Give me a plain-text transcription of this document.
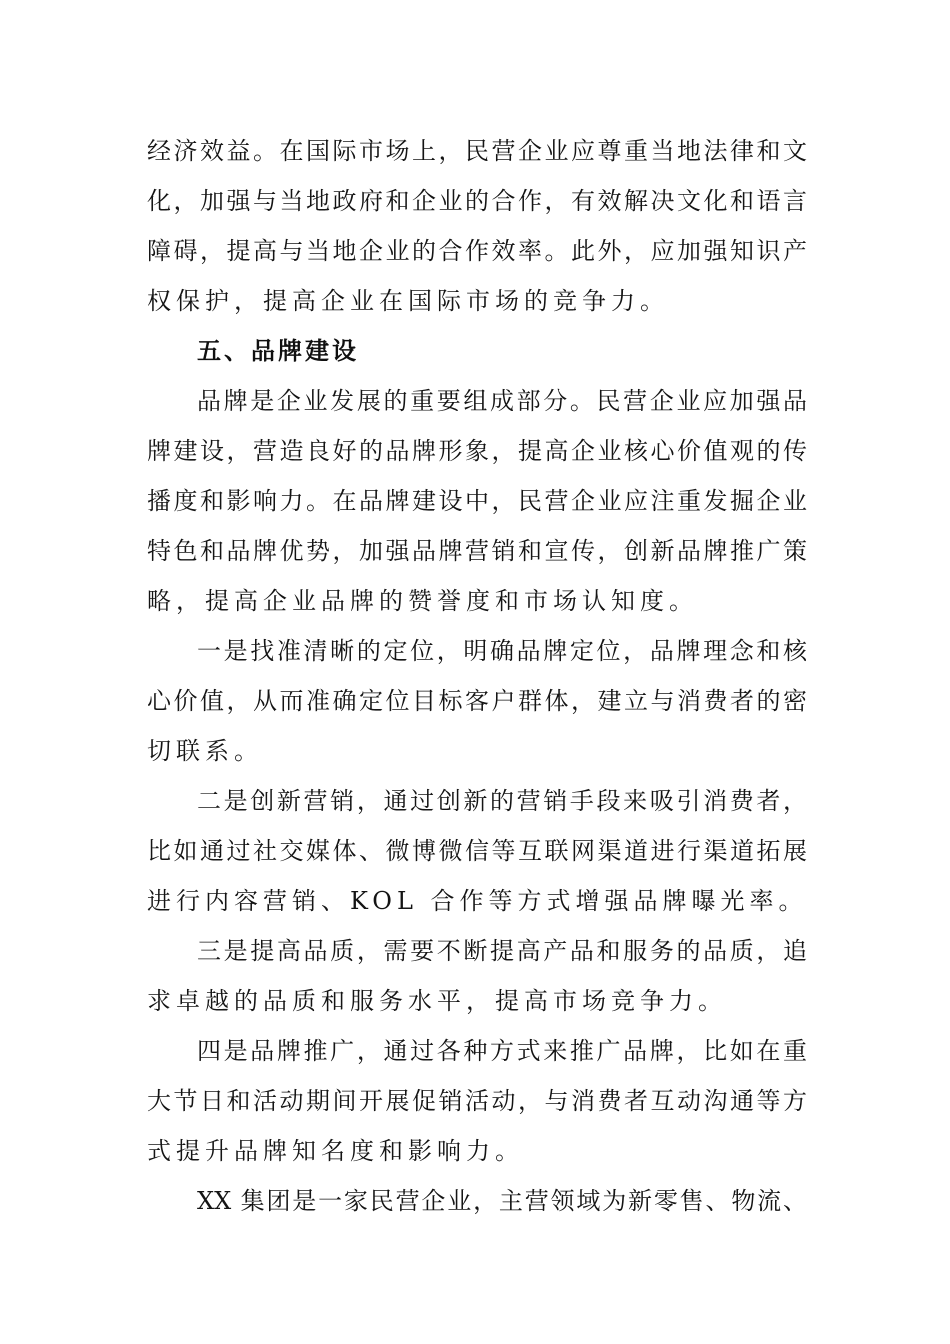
经济效益。在国际市场上，民营企业应尊重当地法律和文
化，加强与当地政府和企业的合作，有效解决文化和语言
障碍，提高与当地企业的合作效率。此外，应加强知识产
权保护，提高企业在国际市场的竞争力。
五、品牌建设
品牌是企业发展的重要组成部分。民营企业应加强品
牌建设，营造良好的品牌形象，提高企业核心价值观的传
播度和影响力。在品牌建设中，民营企业应注重发掘企业
特色和品牌优势，加强品牌营销和宣传，创新品牌推广策
略，提高企业品牌的赞誉度和市场认知度。
一是找准清晰的定位，明确品牌定位，品牌理念和核
心价值，从而准确定位目标客户群体，建立与消费者的密
切联系。
二是创新营销，通过创新的营销手段来吸引消费者，
比如通过社交媒体、微博微信等互联网渠道进行渠道拓展
进行内容营销、KOL 合作等方式增强品牌曝光率。
三是提高品质，需要不断提高产品和服务的品质，追
求卓越的品质和服务水平，提高市场竞争力。
四是品牌推广，通过各种方式来推广品牌，比如在重
大节日和活动期间开展促销活动，与消费者互动沟通等方
式提升品牌知名度和影响力。
XX 集团是一家民营企业，主营领域为新零售、物流、
